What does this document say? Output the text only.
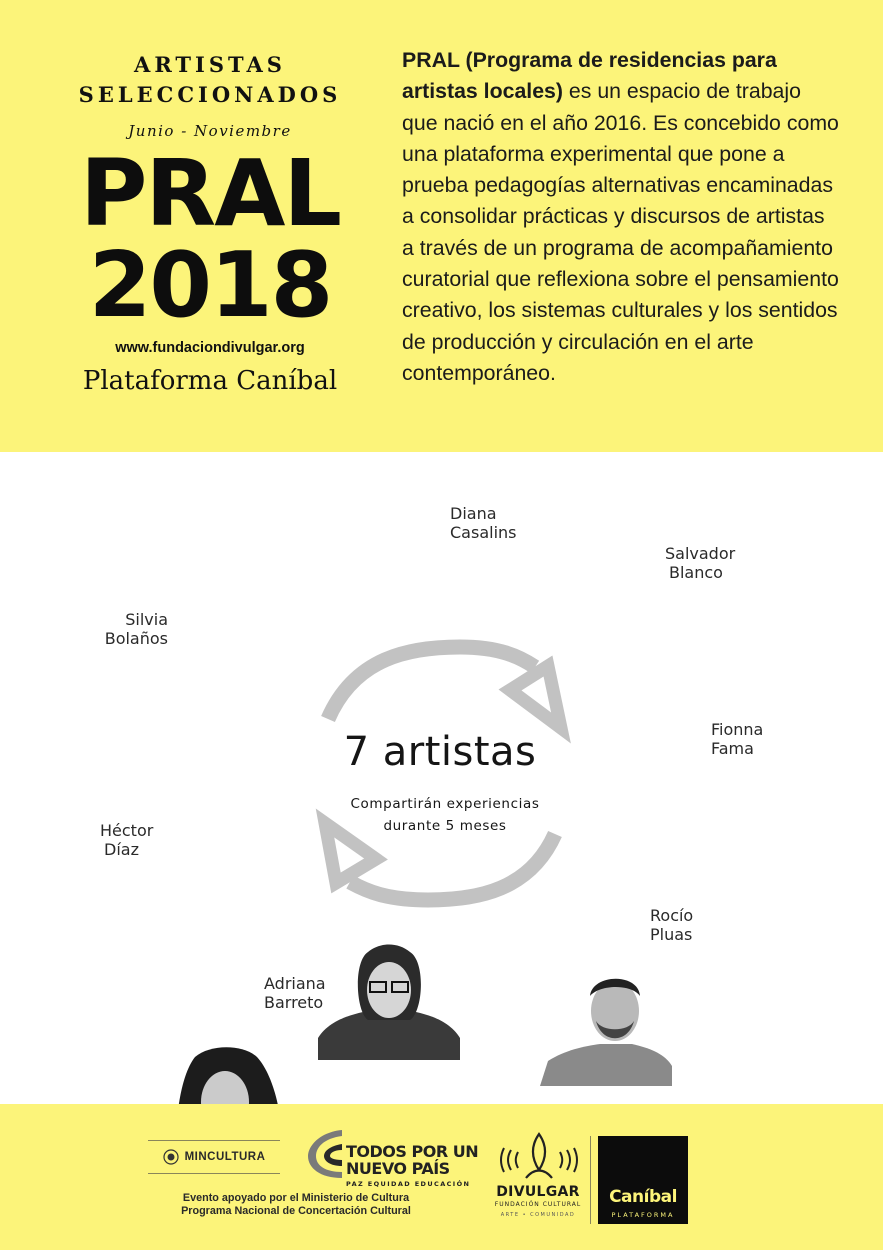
ARTISTAS
SELECCIONADOS
Junio - Noviembre
PRAL
2018
www.fundaciondivulgar.org
Plataforma Caníbal
PRAL (Programa de residencias para artistas locales) es un espacio de trabajo que nació en el año 2016. Es concebido como una plataforma experimental que pone a prueba pedagogías alternativas encaminadas a consolidar prácticas y discursos de artistas a través de un programa de acompañamiento curatorial que reflexiona sobre el pensamiento creativo, los sistemas culturales y los sentidos de producción y circulación en el arte contemporáneo.
7 artistas
Compartirán experiencias
durante 5 meses
Diana
Casalins
Salvador
Blanco
Fionna
Fama
Rocío
Pluas
Adriana
Barreto
Héctor
Díaz
Silvia
Bolaños
MINCULTURA	TODOS POR UN
NUEVO PAÍS
PAZ EQUIDAD EDUCACIÓN
Evento apoyado por el Ministerio de Cultura
Programa Nacional de Concertación Cultural
DIVULGAR
FUNDACIÓN CULTURAL
ARTE • COMUNIDAD
Caníbal
PLATAFORMA
